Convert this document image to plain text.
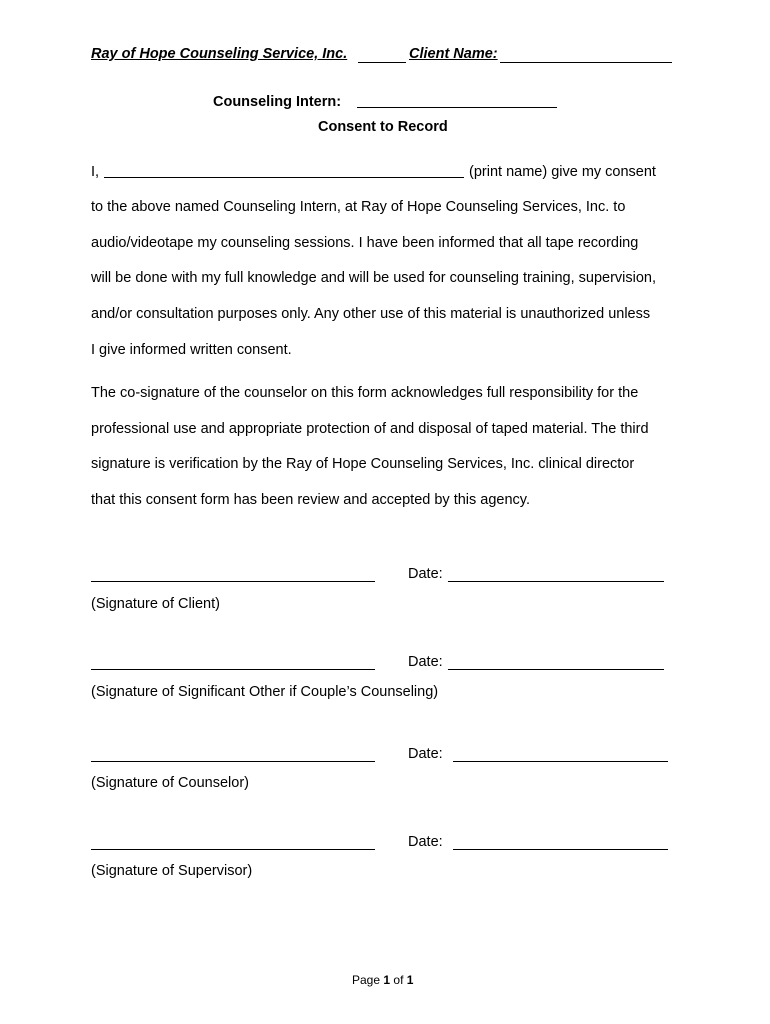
Ray of Hope Counseling Service, Inc.	Client Name:
Counseling Intern:
Consent to Record
I,	(print name) give my consent

to the above named Counseling Intern, at Ray of Hope Counseling Services, Inc. to

audio/videotape my counseling sessions. I have been informed that all tape recording

will be done with my full knowledge and will be used for counseling training, supervision,

and/or consultation purposes only. Any other use of this material is unauthorized unless

I give informed written consent.

The co-signature of the counselor on this form acknowledges full responsibility for the

professional use and appropriate protection of and disposal of taped material. The third

signature is verification by the Ray of Hope Counseling Services, Inc. clinical director

that this consent form has been review and accepted by this agency.

Date:
(Signature of Client)
Date:
(Signature of Significant Other if Couple’s Counseling)
Date:
(Signature of Counselor)
Date:
(Signature of Supervisor)
Page 1 of 1
